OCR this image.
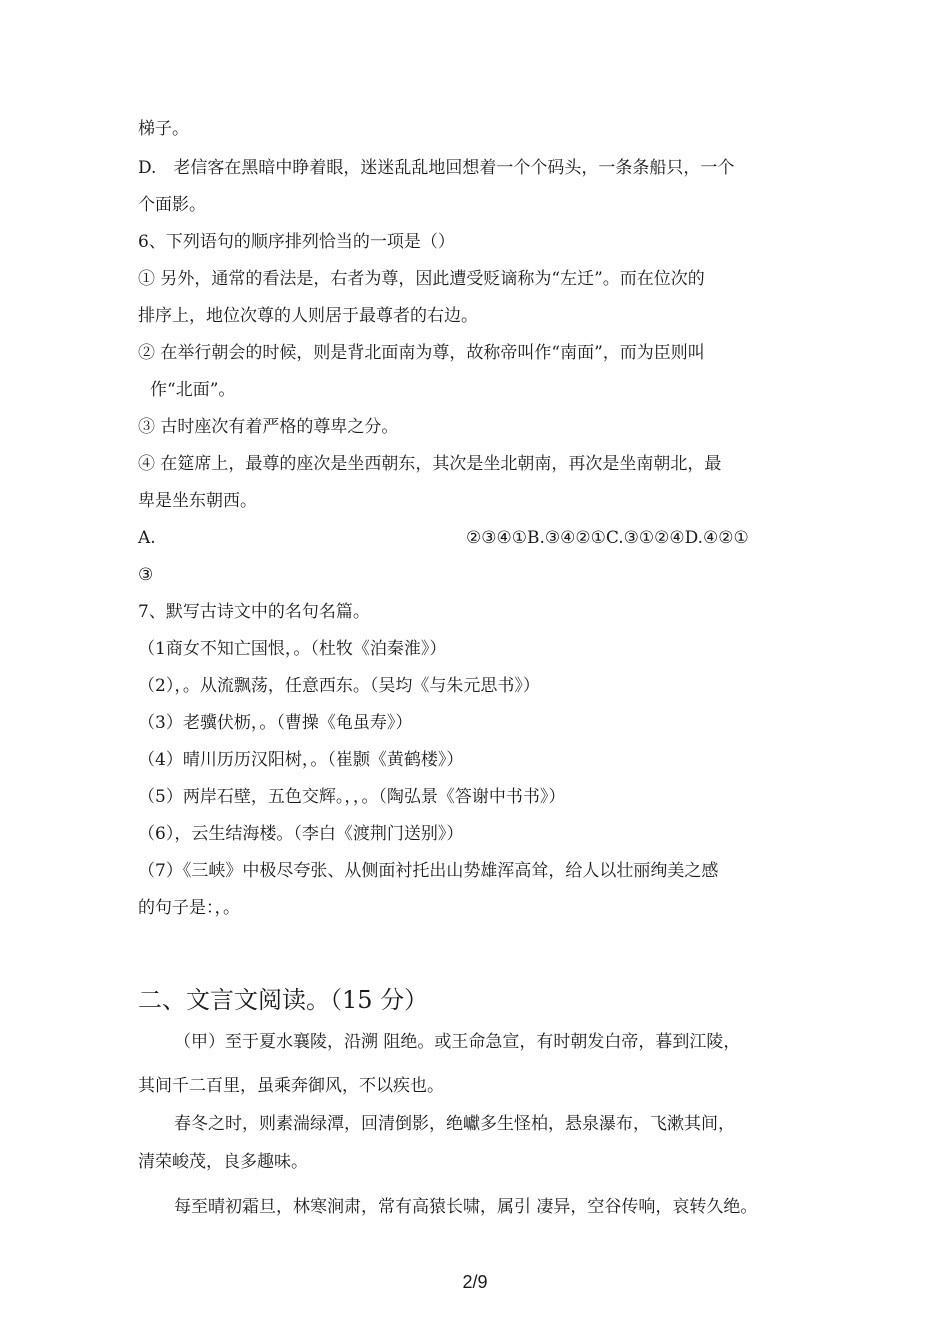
梯子。
D.　老信客在黑暗中睁着眼，迷迷乱乱地回想着一个个码头，一条条船只，一个
个面影。
6、下列语句的顺序排列恰当的一项是（）
① 另外，通常的看法是，右者为尊，因此遭受贬谪称为“左迁”。而在位次的
排序上，地位次尊的人则居于最尊者的右边。
② 在举行朝会的时候，则是背北面南为尊，故称帝叫作“南面”，而为臣则叫
作“北面”。
③ 古时座次有着严格的尊卑之分。
④ 在筵席上，最尊的座次是坐西朝东，其次是坐北朝南，再次是坐南朝北，最
卑是坐东朝西。
A.	②③④①B.③④②①C.③①②④D.④②①
③
7、默写古诗文中的名句名篇。
（1商女不知亡国恨，。（杜牧《泊秦淮》）
（2），。从流飘荡，任意西东。（吴均《与朱元思书》）
（3）老骥伏枥，。（曹操《龟虽寿》）
（4）晴川历历汉阳树，。（崔颢《黄鹤楼》）
（5）两岸石壁，五色交辉。，，。（陶弘景《答谢中书书》）
（6），云生结海楼。（李白《渡荆门送别》）
（7）《三峡》中极尽夸张、从侧面衬托出山势雄浑高耸，给人以壮丽绚美之感
的句子是：，。
二、文言文阅读。（15 分）
（甲）至于夏水襄陵，沿溯 阻绝。或王命急宣，有时朝发白帝，暮到江陵，
其间千二百里，虽乘奔御风，不以疾也。
春冬之时，则素湍绿潭，回清倒影，绝巘多生怪柏，悬泉瀑布，飞漱其间，
清荣峻茂，良多趣味。
每至晴初霜旦，林寒涧肃，常有高猿长啸，属引 凄异，空谷传响，哀转久绝。
2/9
